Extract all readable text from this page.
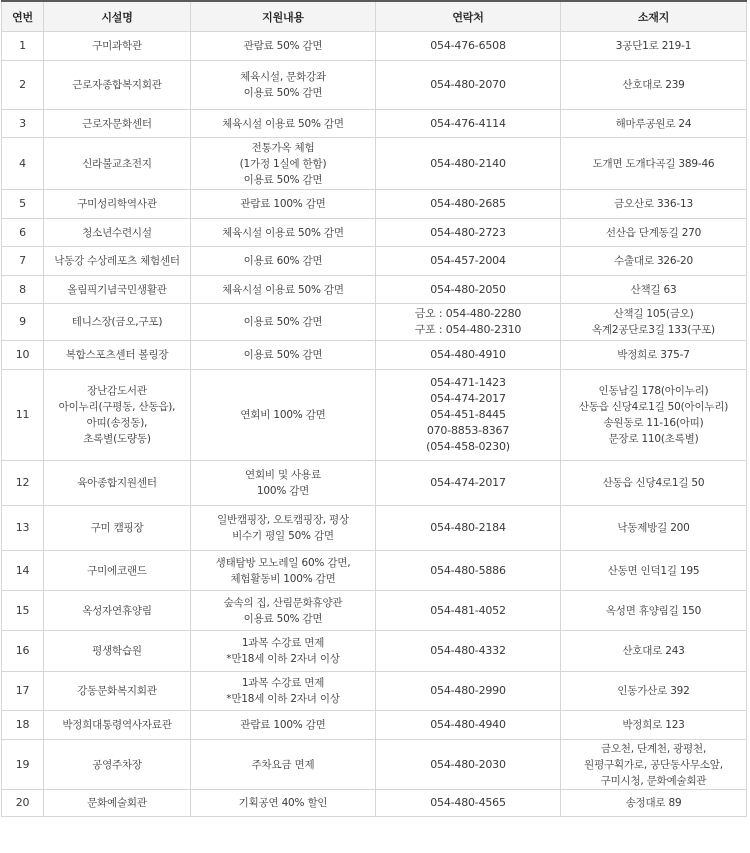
연번	시설명	지원내용	연락처	소재지
1	구미과학관	관람료 50% 감면	054-476-6508	3공단1로 219-1
2	근로자종합복지회관	체육시설, 문화강좌
이용료 50% 감면	054-480-2070	산호대로 239
3	근로자문화센터	체육시설 이용료 50% 감면	054-476-4114	해마루공원로 24
4	신라불교초전지	전통가옥 체험
(1가정 1실에 한함)
이용료 50% 감면	054-480-2140	도개면 도개다곡길 389-46
5	구미성리학역사관	관람료 100% 감면	054-480-2685	금오산로 336-13
6	청소년수련시설	체육시설 이용료 50% 감면	054-480-2723	선산읍 단계동길 270
7	낙동강 수상레포츠 체험센터	이용료 60% 감면	054-457-2004	수출대로 326-20
8	올림픽기념국민생활관	체육시설 이용료 50% 감면	054-480-2050	산책길 63
9	테니스장(금오,구포)	이용료 50% 감면	금오 : 054-480-2280
구포 : 054-480-2310	산책길 105(금오)
옥계2공단로3길 133(구포)
10	복합스포츠센터 볼링장	이용료 50% 감면	054-480-4910	박정희로 375-7
11	장난감도서관
아이누리(구평동, 산동읍),
아띠(송정동),
초록별(도량동)	연회비 100% 감면	054-471-1423
054-474-2017
054-451-8445
070-8853-8367
(054-458-0230)	인동남길 178(아이누리)
산동읍 신당4로1길 50(아이누리)
송원동로 11-16(아띠)
문장로 110(초록별)
12	육아종합지원센터	연회비 및 사용료
100% 감면	054-474-2017	산동읍 신당4로1길 50
13	구미 캠핑장	일반캠핑장, 오토캠핑장, 평상
비수기 평일 50% 감면	054-480-2184	낙동제방길 200
14	구미에코랜드	생태탐방 모노레일 60% 감면,
체험활동비 100% 감면	054-480-5886	산동면 인덕1길 195
15	옥성자연휴양림	숲속의 집, 산림문화휴양관
이용료 50% 감면	054-481-4052	옥성면 휴양림길 150
16	평생학습원	1과목 수강료 면제
*만18세 이하 2자녀 이상	054-480-4332	산호대로 243
17	강동문화복지회관	1과목 수강료 면제
*만18세 이하 2자녀 이상	054-480-2990	인동가산로 392
18	박정희대통령역사자료관	관람료 100% 감면	054-480-4940	박정희로 123
19	공영주차장	주차요금 면제	054-480-2030	금오천, 단계천, 광평천,
원평구획가로, 공단동사무소앞,
구미시청, 문화예술회관
20	문화예술회관	기획공연 40% 할인	054-480-4565	송정대로 89
